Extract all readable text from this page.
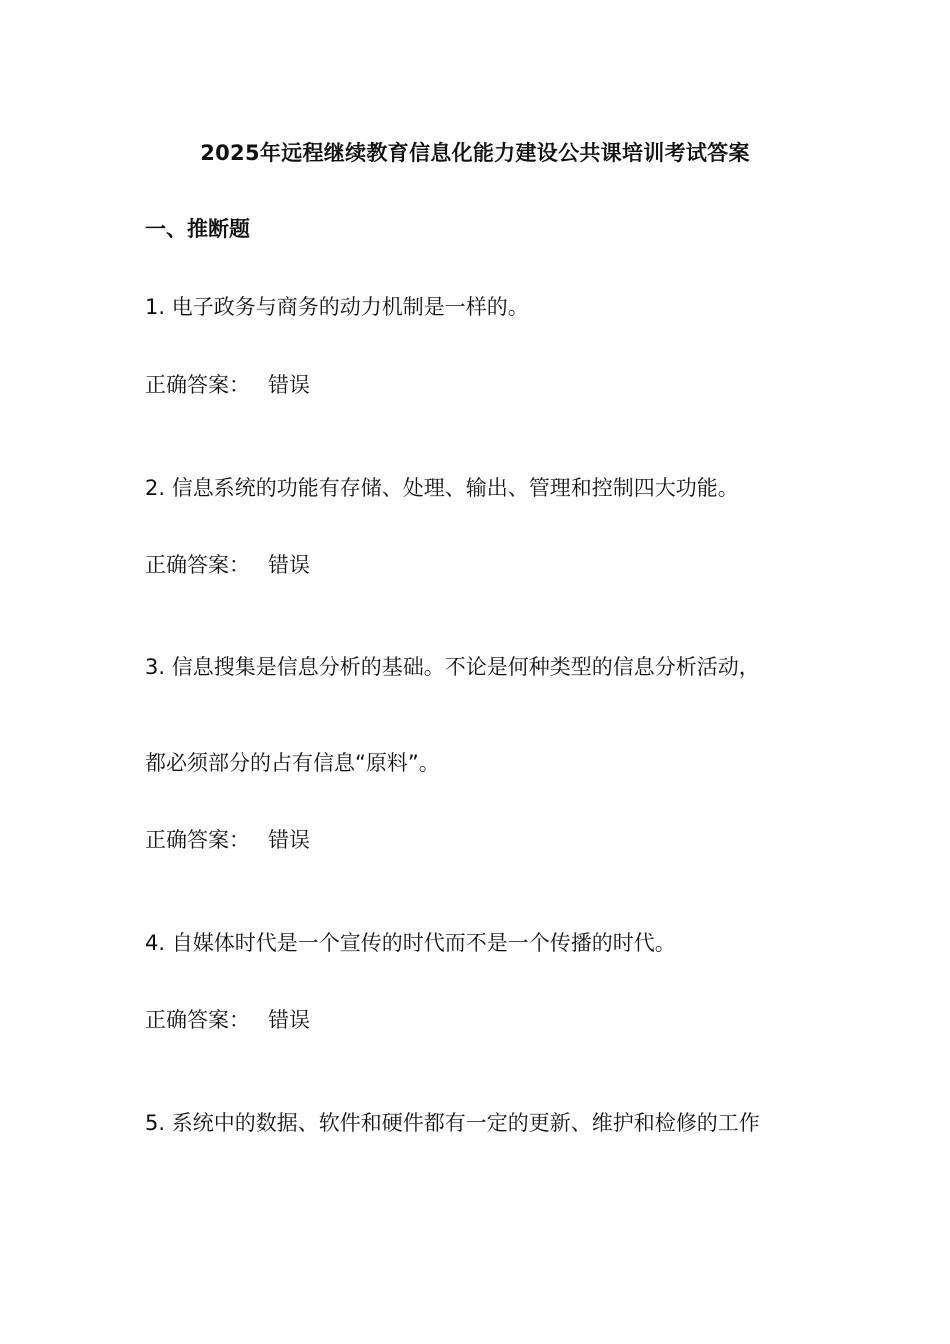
2025年远程继续教育信息化能力建设公共课培训考试答案
一、推断题
1. 电子政务与商务的动力机制是一样的。
正确答案： 错误
2. 信息系统的功能有存储、处理、输出、管理和控制四大功能。
正确答案： 错误
3. 信息搜集是信息分析的基础。不论是何种类型的信息分析活动，
都必须部分的占有信息“原料”。
正确答案： 错误
4. 自媒体时代是一个宣传的时代而不是一个传播的时代。
正确答案： 错误
5. 系统中的数据、软件和硬件都有一定的更新、维护和检修的工作
